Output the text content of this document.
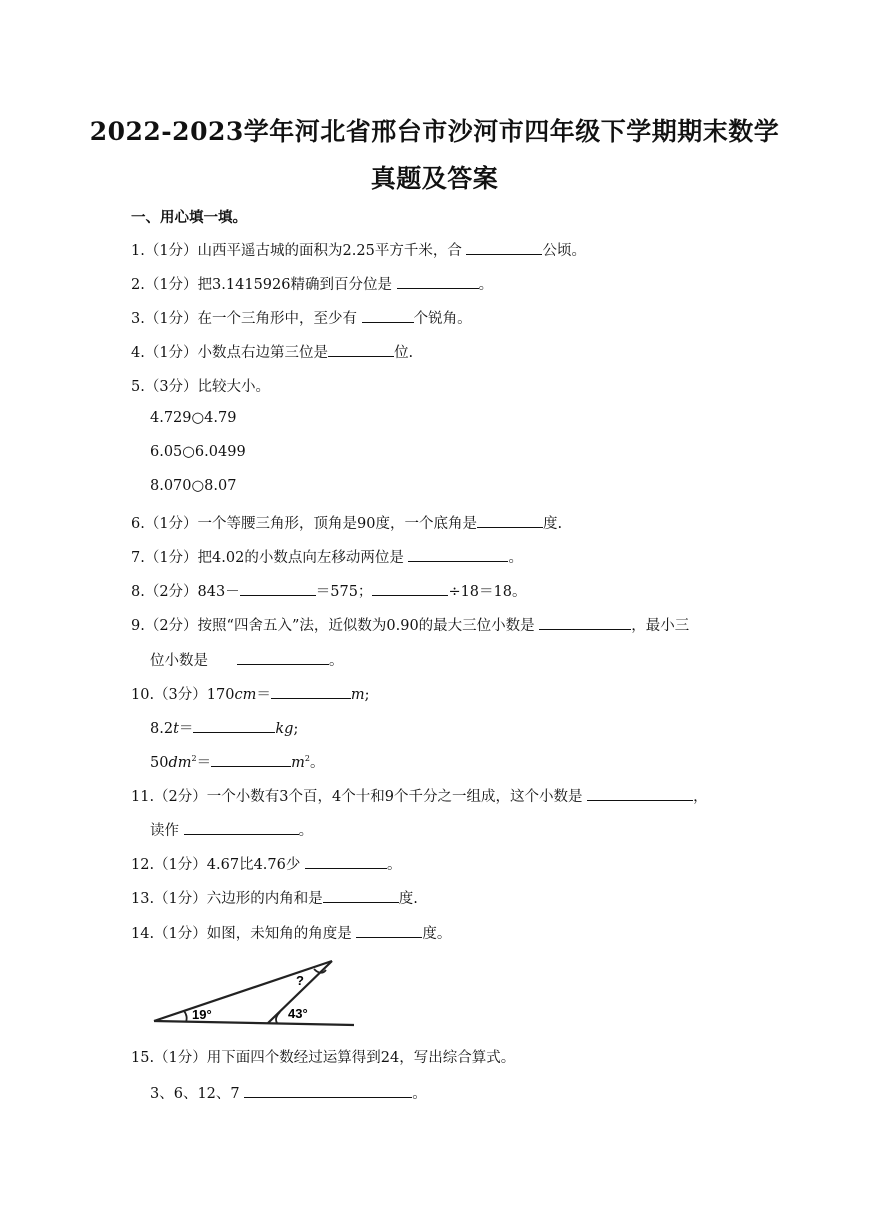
2022-2023学年河北省邢台市沙河市四年级下学期期末数学
真题及答案
一、用心填一填。
1.（1分）山西平遥古城的面积为2.25平方千米，合	公顷。
2.（1分）把3.1415926精确到百分位是	。
3.（1分）在一个三角形中，至少有	个锐角。
4.（1分）小数点右边第三位是	位.
5.（3分）比较大小。
4.729○4.79
6.05○6.0499
8.070○8.07
6.（1分）一个等腰三角形，顶角是90度，一个底角是	度.
7.（1分）把4.02的小数点向左移动两位是	。
8.（2分）843－	＝575；	÷18＝18。
9.（2分）按照“四舍五入”法，近似数为0.90的最大三位小数是	，最小三
位小数是　　	。
10.（3分）170cm＝	m;
8.2t＝	kg;
$50dm^2=$	$m^2$。
11.（2分）一个小数有3个百，4个十和9个千分之一组成，这个小数是	，
读作	。
12.（1分）4.67比4.76少	。
13.（1分）六边形的内角和是	度.
14.（1分）如图，未知角的角度是	度。
19°	43°
?
15.（1分）用下面四个数经过运算得到24，写出综合算式。
3、6、12、7	。
